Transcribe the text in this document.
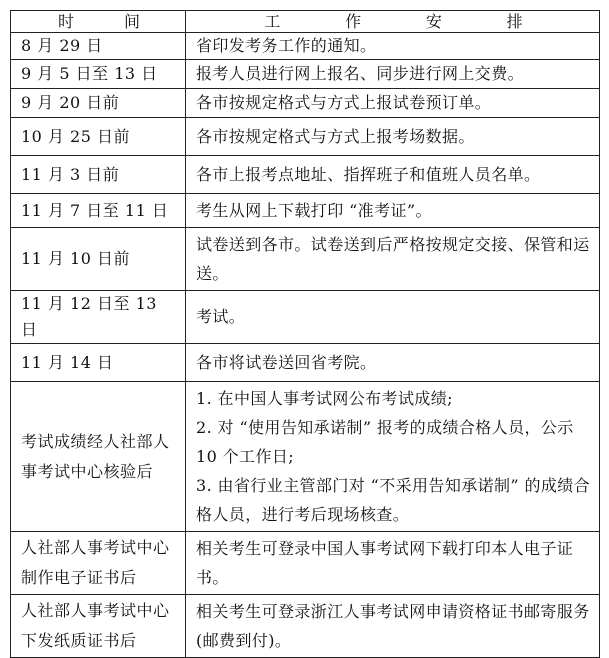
时 间	工 作 安 排

8 月 29 日	省印发考务工作的通知。
9 月 5 日至 13 日	报考人员进行网上报名、同步进行网上交费。
9 月 20 日前	各市按规定格式与方式上报试卷预订单。
10 月 25 日前	各市按规定格式与方式上报考场数据。
11 月 3 日前	各市上报考点地址、指挥班子和值班人员名单。
11 月 7 日至 11 日	考生从网上下载打印 “准考证”。
11 月 10 日前	试卷送到各市。试卷送到后严格按规定交接、保管和运送。
11 月 12 日至 13 日	考试。
11 月 14 日	各市将试卷送回省考院。
考试成绩经人社部人事考试中心核验后	1. 在中国人事考试网公布考试成绩;
2. 对 “使用告知承诺制” 报考的成绩合格人员，公示 10 个工作日;
3. 由省行业主管部门对 “不采用告知承诺制” 的成绩合格人员，进行考后现场核查。

人社部人事考试中心制作电子证书后	相关考生可登录中国人事考试网下载打印本人电子证书。
人社部人事考试中心下发纸质证书后	相关考生可登录浙江人事考试网申请资格证书邮寄服务 (邮费到付)。
